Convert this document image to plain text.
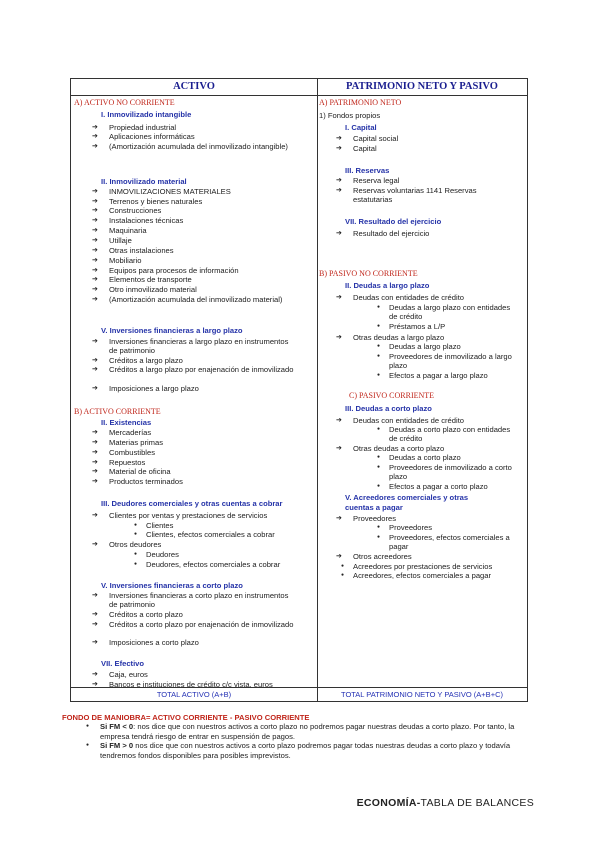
ACTIVO
A) ACTIVO NO CORRIENTE
I. Inmovilizado intangible
➔ Propiedad industrial
➔ Aplicaciones informáticas
➔ (Amortización acumulada del inmovilizado intangible)
II. Inmovilizado material
➔ INMOVILIZACIONES MATERIALES
➔ Terrenos y bienes naturales
➔ Construcciones
➔ Instalaciones técnicas
➔ Maquinaria
➔ Utillaje
➔ Otras instalaciones
➔ Mobiliario
➔ Equipos para procesos de información
➔ Elementos de transporte
➔ Otro inmovilizado material
➔ (Amortización acumulada del inmovilizado material)
V. Inversiones financieras a largo plazo
➔ Inversiones financieras a largo plazo en instrumentos de patrimonio
➔ Créditos a largo plazo
➔ Créditos a largo plazo por enajenación de inmovilizado
➔ Imposiciones a largo plazo
B) ACTIVO CORRIENTE
II. Existencias
➔ Mercaderías
➔ Materias primas
➔ Combustibles
➔ Repuestos
➔ Material de oficina
➔ Productos terminados
III. Deudores comerciales y otras cuentas a cobrar
➔ Clientes por ventas y prestaciones de servicios
● Clientes
● Clientes, efectos comerciales a cobrar
➔ Otros deudores
● Deudores
● Deudores, efectos comerciales a cobrar
V. Inversiones financieras a corto plazo
➔ Inversiones financieras a corto plazo en instrumentos de patrimonio
➔ Créditos a corto plazo
➔ Créditos a corto plazo por enajenación de inmovilizado
➔ Imposiciones a corto plazo
VII. Efectivo
➔ Caja, euros
➔ Bancos e instituciones de crédito c/c vista, euros
TOTAL ACTIVO (A+B)
PATRIMONIO NETO Y PASIVO
A) PATRIMONIO NETO
1) Fondos propios
I. Capital
➔ Capital social
➔ Capital
III. Reservas
➔ Reserva legal
➔ Reservas voluntarias 1141 Reservas estatutarias
VII. Resultado del ejercicio
➔ Resultado del ejercicio
B) PASIVO NO CORRIENTE
II. Deudas a largo plazo
➔ Deudas con entidades de crédito
● Deudas a largo plazo con entidades de crédito
● Préstamos a L/P
➔ Otras deudas a largo plazo
● Deudas a largo plazo
● Proveedores de inmovilizado a largo plazo
● Efectos a pagar a largo plazo
C) PASIVO CORRIENTE
III. Deudas a corto plazo
➔ Deudas con entidades de crédito
● Deudas a corto plazo con entidades de crédito
➔ Otras deudas a corto plazo
● Deudas a corto plazo
● Proveedores de inmovilizado a corto plazo
● Efectos a pagar a corto plazo
V. Acreedores comerciales y otras cuentas a pagar
➔ Proveedores
● Proveedores
● Proveedores, efectos comerciales a pagar
➔ Otros acreedores
● Acreedores por prestaciones de servicios
● Acreedores, efectos comerciales a pagar
TOTAL PATRIMONIO NETO Y PASIVO (A+B+C)
FONDO DE MANIOBRA= ACTIVO CORRIENTE - PASIVO CORRIENTE
● Si FM < 0: nos dice que con nuestros activos a corto plazo no podremos pagar nuestras deudas a corto plazo. Por tanto, la empresa tendrá riesgo de entrar en suspensión de pagos.
● Si FM > 0 nos dice que con nuestros activos a corto plazo podremos pagar todas nuestras deudas a corto plazo y todavía tendremos fondos disponibles para posibles imprevistos.
ECONOMÍA-TABLA DE BALANCES
